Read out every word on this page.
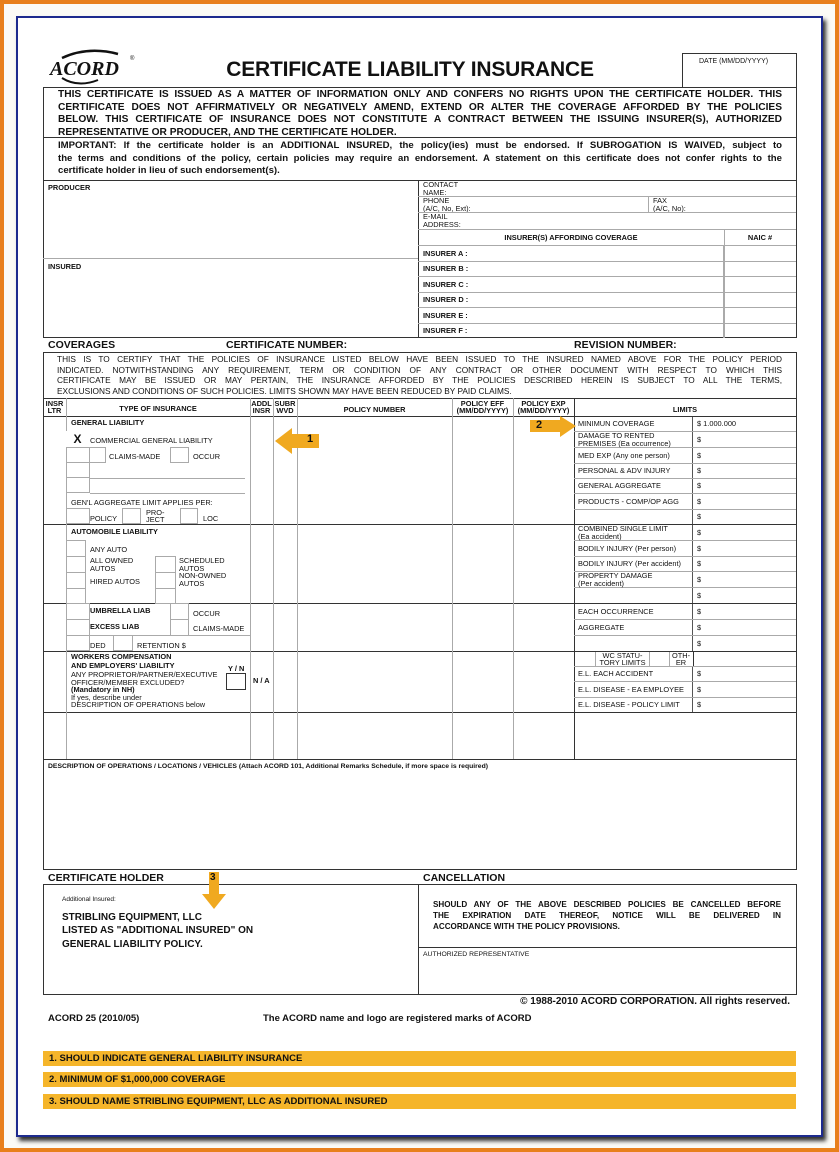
ACORD ®	CERTIFICATE LIABILITY INSURANCE	DATE (MM/DD/YYYY)
THIS CERTIFICATE IS ISSUED AS A MATTER OF INFORMATION ONLY AND CONFERS NO RIGHTS UPON THE CERTIFICATE HOLDER. THIS
CERTIFICATE DOES NOT AFFIRMATIVELY OR NEGATIVELY AMEND, EXTEND OR ALTER THE COVERAGE AFFORDED BY THE POLICIES
BELOW. THIS CERTIFICATE OF INSURANCE DOES NOT CONSTITUTE A CONTRACT BETWEEN THE ISSUING INSURER(S), AUTHORIZED
REPRESENTATIVE OR PRODUCER, AND THE CERTIFICATE HOLDER.
IMPORTANT: If the certificate holder is an ADDITIONAL INSURED, the policy(ies) must be endorsed. If SUBROGATION IS WAIVED, subject to
the terms and conditions of the policy, certain policies may require an endorsement. A statement on this certificate does not confer rights to the
certificate holder in lieu of such endorsement(s).
PRODUCER
INSURED
CONTACT
NAME:
PHONE
(A/C, No, Ext):
FAX
(A/C, No):
E-MAIL
ADDRESS:
INSURER(S) AFFORDING COVERAGE	NAIC #
INSURER A :
INSURER B :
INSURER C :
INSURER D :
INSURER E :
INSURER F :
COVERAGES	CERTIFICATE NUMBER:	REVISION NUMBER:
THIS IS TO CERTIFY THAT THE POLICIES OF INSURANCE LISTED BELOW HAVE BEEN ISSUED TO THE INSURED NAMED ABOVE FOR THE POLICY PERIOD
INDICATED. NOTWITHSTANDING ANY REQUIREMENT, TERM OR CONDITION OF ANY CONTRACT OR OTHER DOCUMENT WITH RESPECT TO WHICH THIS
CERTIFICATE MAY BE ISSUED OR MAY PERTAIN, THE INSURANCE AFFORDED BY THE POLICIES DESCRIBED HEREIN IS SUBJECT TO ALL THE TERMS,
EXCLUSIONS AND CONDITIONS OF SUCH POLICIES. LIMITS SHOWN MAY HAVE BEEN REDUCED BY PAID CLAIMS.
INSR
LTR	TYPE OF INSURANCE
ADDL
INSR
SUBR
WVD	POLICY NUMBER
POLICY EFF
(MM/DD/YYYY)
POLICY EXP
(MM/DD/YYYY)	LIMITS
GENERAL LIABILITY
X	COMMERCIAL GENERAL LIABILITY
CLAIMS-MADE	OCCUR
GEN'L AGGREGATE LIMIT APPLIES PER:
POLICY
PRO-
JECT	LOC
MINIMUN COVERAGE	$ 1.000.000
DAMAGE TO RENTED
PREMISES (Ea occurrence)	$
MED EXP (Any one person)	$
PERSONAL & ADV INJURY	$
GENERAL AGGREGATE	$
PRODUCTS - COMP/OP AGG	$
$
AUTOMOBILE LIABILITY
ANY AUTO
ALL OWNED
AUTOS
HIRED AUTOS
SCHEDULED
AUTOS
NON-OWNED
AUTOS
COMBINED SINGLE LIMIT
(Ea accident)	$
BODILY INJURY (Per person)	$
BODILY INJURY (Per accident)	$
PROPERTY DAMAGE
(Per accident)	$
$
UMBRELLA LIAB
EXCESS LIAB
DED	RETENTION $
OCCUR
CLAIMS-MADE
EACH OCCURRENCE	$
AGGREGATE	$
$
WORKERS COMPENSATION
AND EMPLOYERS' LIABILITY	Y / N
ANY PROPRIETOR/PARTNER/EXECUTIVE
OFFICER/MEMBER EXCLUDED?
(Mandatory in NH)
If yes, describe under
DESCRIPTION OF OPERATIONS below
N / A
WC STATU-
TORY LIMITS
OTH-
ER
E.L. EACH ACCIDENT	$
E.L. DISEASE - EA EMPLOYEE	$
E.L. DISEASE - POLICY LIMIT	$
DESCRIPTION OF OPERATIONS / LOCATIONS / VEHICLES (Attach ACORD 101, Additional Remarks Schedule, if more space is required)
CERTIFICATE HOLDER	CANCELLATION
Additional Insured:
STRIBLING EQUIPMENT, LLC
LISTED AS "ADDITIONAL INSURED" ON
GENERAL LIABILITY POLICY.
SHOULD ANY OF THE ABOVE DESCRIBED POLICIES BE CANCELLED BEFORE
THE EXPIRATION DATE THEREOF, NOTICE WILL BE DELIVERED IN
ACCORDANCE WITH THE POLICY PROVISIONS.
AUTHORIZED REPRESENTATIVE
© 1988-2010 ACORD CORPORATION. All rights reserved.
ACORD 25 (2010/05)	The ACORD name and logo are registered marks of ACORD
1. SHOULD INDICATE GENERAL LIABILITY INSURANCE
2. MINIMUM OF $1,000,000 COVERAGE
3. SHOULD NAME STRIBLING EQUIPMENT, LLC AS ADDITIONAL INSURED
1
2
3
